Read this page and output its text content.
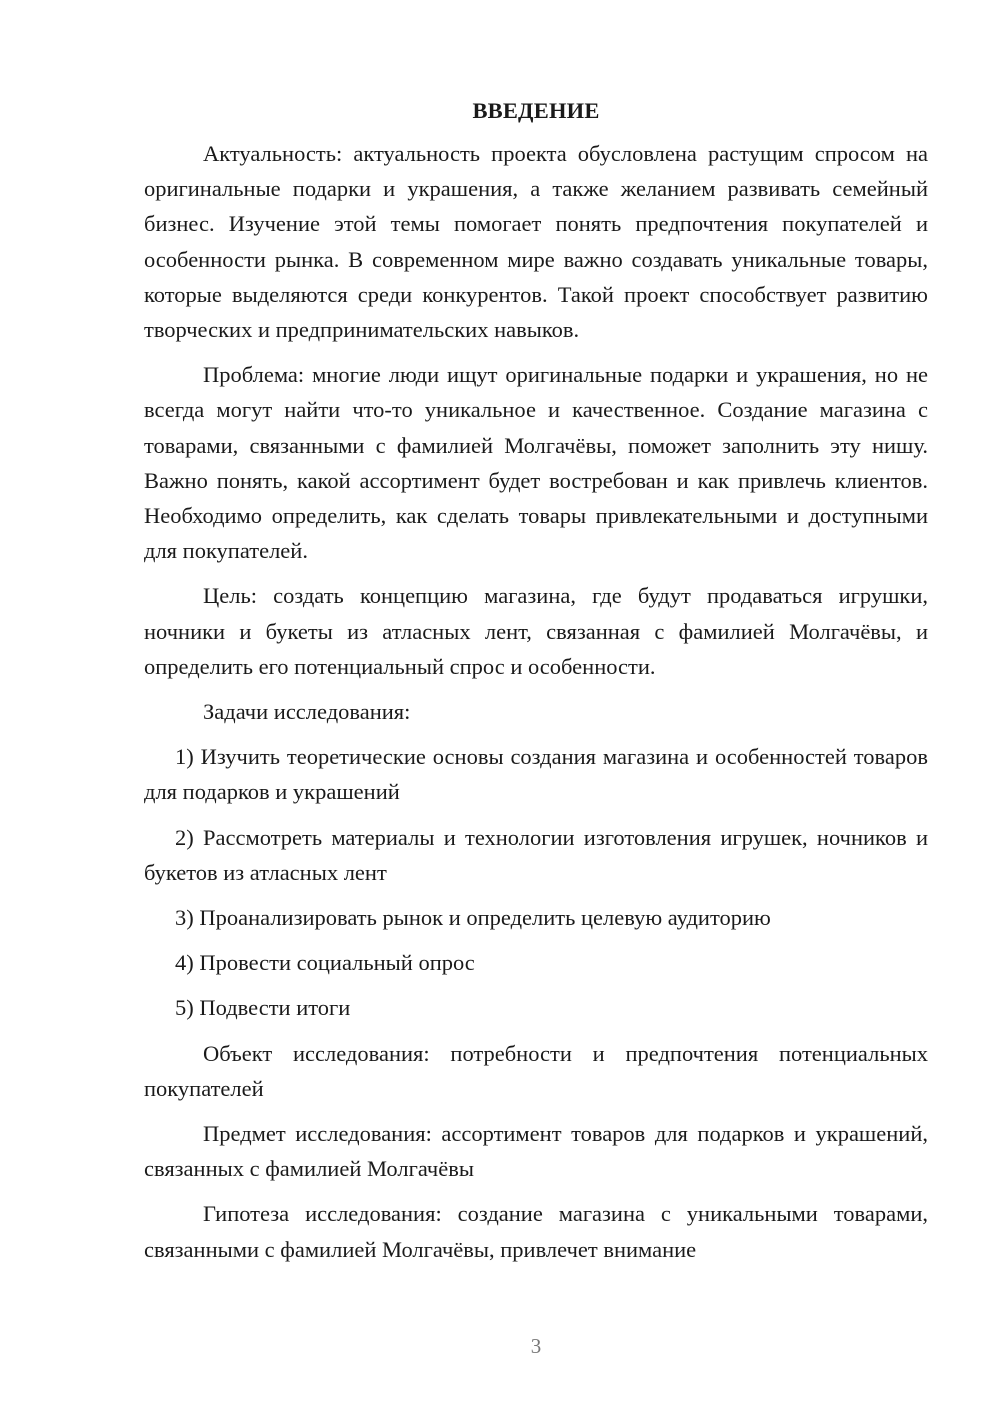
ВВЕДЕНИЕ

Актуальность: актуальность проекта обусловлена растущим спросом на оригинальные подарки и украшения, а также желанием развивать семейный бизнес. Изучение этой темы помогает понять предпочтения покупателей и особенности рынка. В современном мире важно создавать уникальные товары, которые выделяются среди конкурентов. Такой проект способствует развитию творческих и предпринимательских навыков.

Проблема: многие люди ищут оригинальные подарки и украшения, но не всегда могут найти что-то уникальное и качественное. Создание магазина с товарами, связанными с фамилией Молгачёвы, поможет заполнить эту нишу. Важно понять, какой ассортимент будет востребован и как привлечь клиентов. Необходимо определить, как сделать товары привлекательными и доступными для покупателей.

Цель: создать концепцию магазина, где будут продаваться игрушки, ночники и букеты из атласных лент, связанная с фамилией Молгачёвы, и определить его потенциальный спрос и особенности.

Задачи исследования:

1) Изучить теоретические основы создания магазина и особенностей товаров для подарков и украшений

2) Рассмотреть материалы и технологии изготовления игрушек, ночников и букетов из атласных лент

3) Проанализировать рынок и определить целевую аудиторию

4) Провести социальный опрос

5) Подвести итоги

Объект исследования: потребности и предпочтения потенциальных покупателей

Предмет исследования: ассортимент товаров для подарков и украшений, связанных с фамилией Молгачёвы

Гипотеза исследования: создание магазина с уникальными товарами, связанными с фамилией Молгачёвы, привлечет внимание

3
